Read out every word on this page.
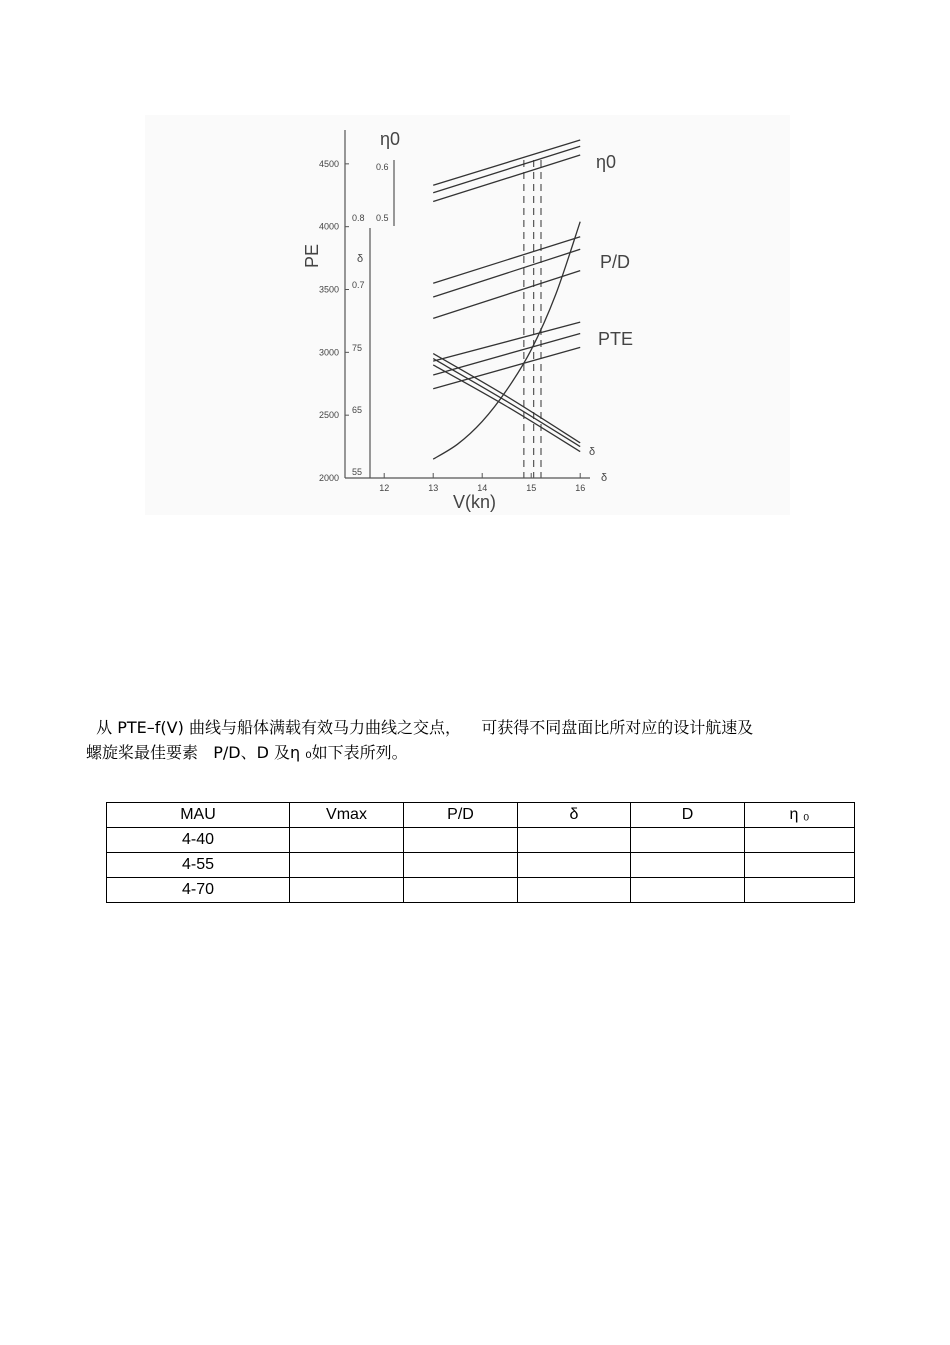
12	13	14	15	16
2000
2500
3000
3500
4000
4500
55
65
75
0.7
0.8 0.5
0.6
V(kn)
PE	δ
η0
η0
P/D
PTE
δ
δ
从 PTE–f(V) 曲线与船体满载有效马力曲线之交点，    可获得不同盘面比所对应的设计航速及
螺旋桨最佳要素   P/D、D 及η ₀如下表所列。
MAU	Vmax	P/D	δ	D	η ₀
4-40					
4-55					
4-70					
